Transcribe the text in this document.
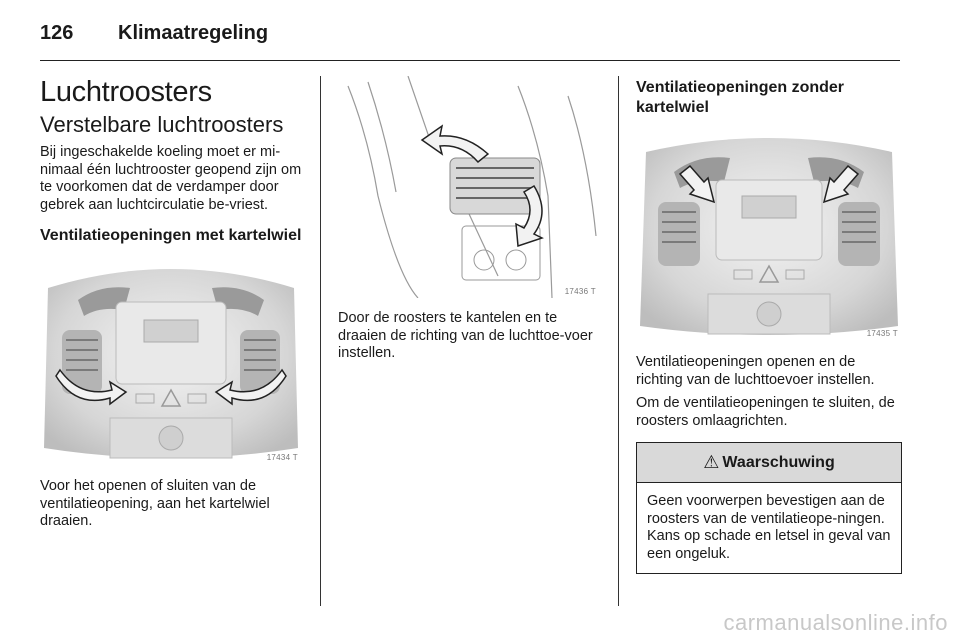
126 Klimaatregeling
Luchtroosters
Verstelbare luchtroosters

Bij ingeschakelde koeling moet er mi-nimaal één luchtrooster geopend zijn om te voorkomen dat de verdamper door gebrek aan luchtcirculatie be-vriest.

Ventilatieopeningen met kartelwiel
17434 T

Voor het openen of sluiten van de ventilatieopening, aan het kartelwiel draaien.

17436 T

Door de roosters te kantelen en te draaien de richting van de luchttoe-voer instellen.

Ventilatieopeningen zonder kartelwiel
17435 T

Ventilatieopeningen openen en de richting van de luchttoevoer instellen.

Om de ventilatieopeningen te sluiten, de roosters omlaagrichten.

⚠ Waarschuwing
Geen voorwerpen bevestigen aan de roosters van de ventilatieope-ningen. Kans op schade en letsel in geval van een ongeluk.
carmanualsonline.info
